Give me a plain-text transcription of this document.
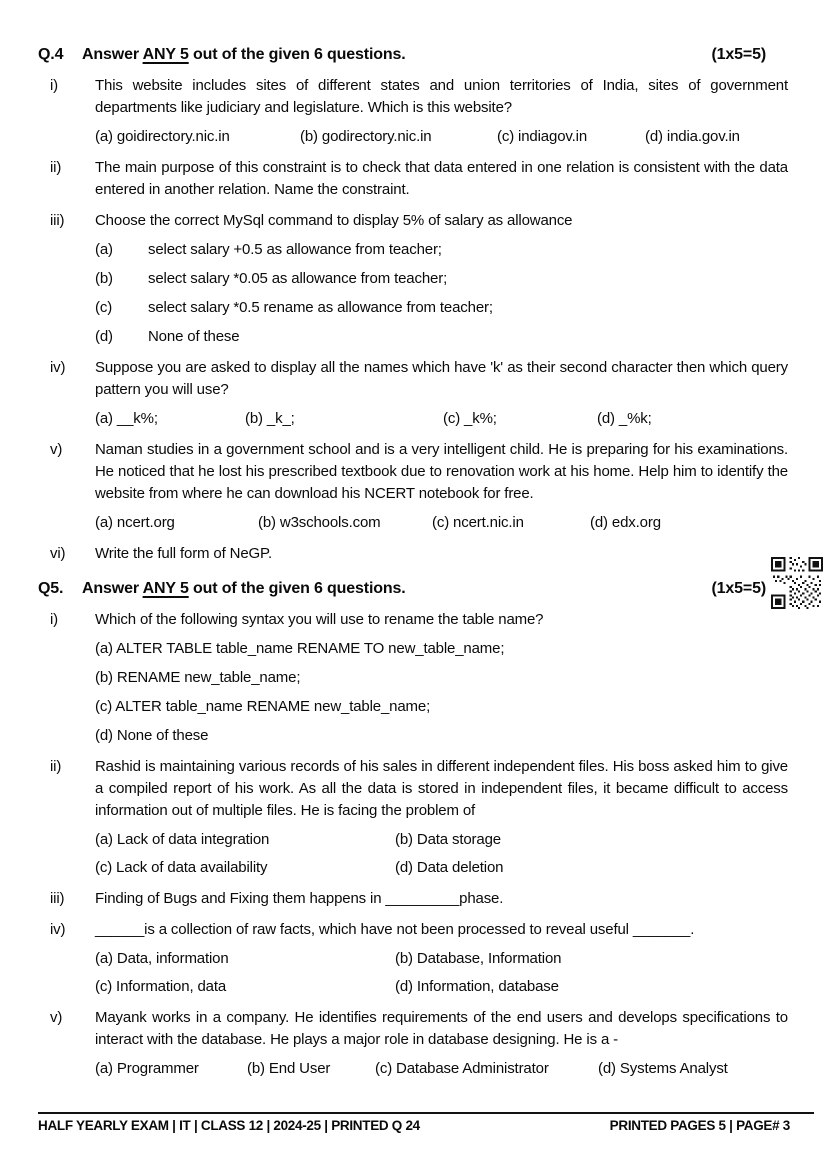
Q.4	Answer ANY 5 out of the given 6 questions.	(1x5=5)
i)	This website includes sites of different states and union territories of India, sites of government departments like judiciary and legislature. Which is this website?

(a) goidirectory.nic.in	(b) godirectory.nic.in	(c) indiagov.in	(d) india.gov.in
ii)	The main purpose of this constraint is to check that data entered in one relation is consistent with the data entered in another relation. Name the constraint.

iii)	Choose the correct MySql command to display 5% of salary as allowance

(a)	select salary +0.5 as allowance from teacher;
(b)	select salary *0.05 as allowance from teacher;
(c)	select salary *0.5 rename as allowance from teacher;
(d)	None of these
iv)	Suppose you are asked to display all the names which have 'k' as their second character then which query pattern you will use?

(a) __k%;	(b) _k_;	(c) _k%;	(d) _%k;
v)	Naman studies in a government school and is a very intelligent child. He is preparing for his examinations. He noticed that he lost his prescribed textbook due to renovation work at his home. Help him to identify the website from where he can download his NCERT notebook for free.

(a) ncert.org	(b) w3schools.com	(c) ncert.nic.in	(d) edx.org
vi)	Write the full form of NeGP.

Q5.	Answer ANY 5 out of the given 6 questions.	(1x5=5)
i)	Which of the following syntax you will use to rename the table name?

(a) ALTER TABLE table_name RENAME TO new_table_name;
(b) RENAME new_table_name;
(c) ALTER table_name RENAME new_table_name;
(d) None of these
ii)	Rashid is maintaining various records of his sales in different independent files. His boss asked him to give a compiled report of his work. As all the data is stored in independent files, it became difficult to access information out of multiple files. He is facing the problem of

(a) Lack of data integration	(b) Data storage
(c) Lack of data availability	(d) Data deletion
iii)	Finding of Bugs and Fixing them happens in _________phase.

iv)	______is a collection of raw facts, which have not been processed to reveal useful _______.

(a) Data, information	(b) Database, Information
(c) Information, data	(d) Information, database
v)	Mayank works in a company. He identifies requirements of the end users and develops specifications to interact with the database. He plays a major role in database designing. He is a -

(a) Programmer	(b) End User	(c) Database Administrator	(d) Systems Analyst
HALF YEARLY EXAM | IT | CLASS 12 | 2024-25 | PRINTED Q 24	PRINTED PAGES 5 | PAGE# 3
